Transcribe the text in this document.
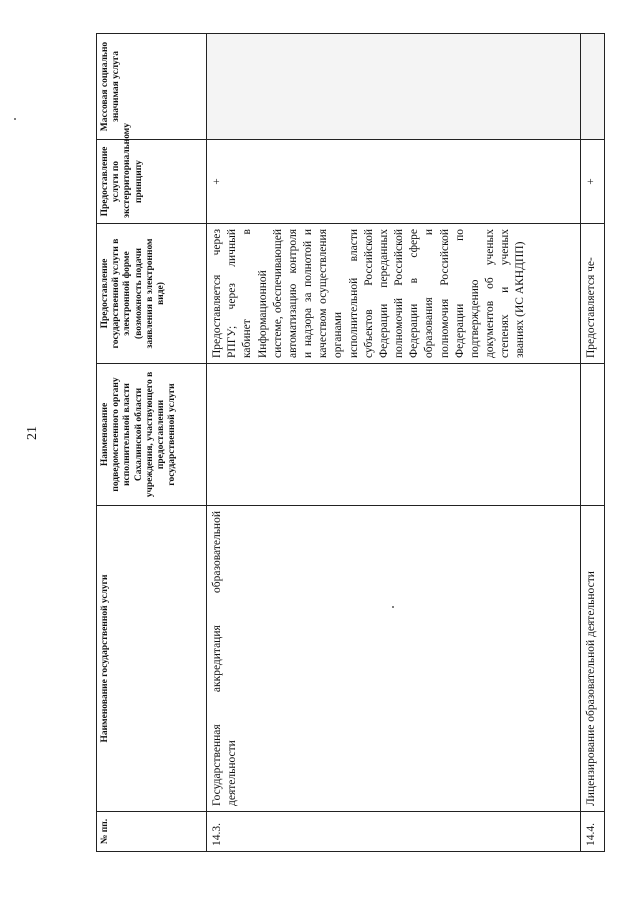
21
№ пп.	Наименование государственной услуги	Наименование подведомственного органу исполнительной власти Сахалинской области учреждения, участвующего в предоставлении государственной услуги	Предоставление государственной услуги в электронной форме (возможность подачи заявления в электронном виде)	Предоставление услуги по экстерриториальному принципу	Массовая социально значимая услуга
14.3.	Государственная аккредитация образовательной деятельности		Предоставляется через РПГУ; через личный кабинет в Информационной системе, обеспечивающей автоматизацию контроля и надзора за полнотой и качеством осуществления органами исполнительной власти субъектов Российской Федерации переданных полномочий Российской Федерации в сфере образования и полномочия Российской Федерации по подтверждению документов об ученых степенях и ученых званиях (ИС АКНДПП)	+	
14.4.	Лицензирование образовательной деятельности		Предоставляется че-	+	
